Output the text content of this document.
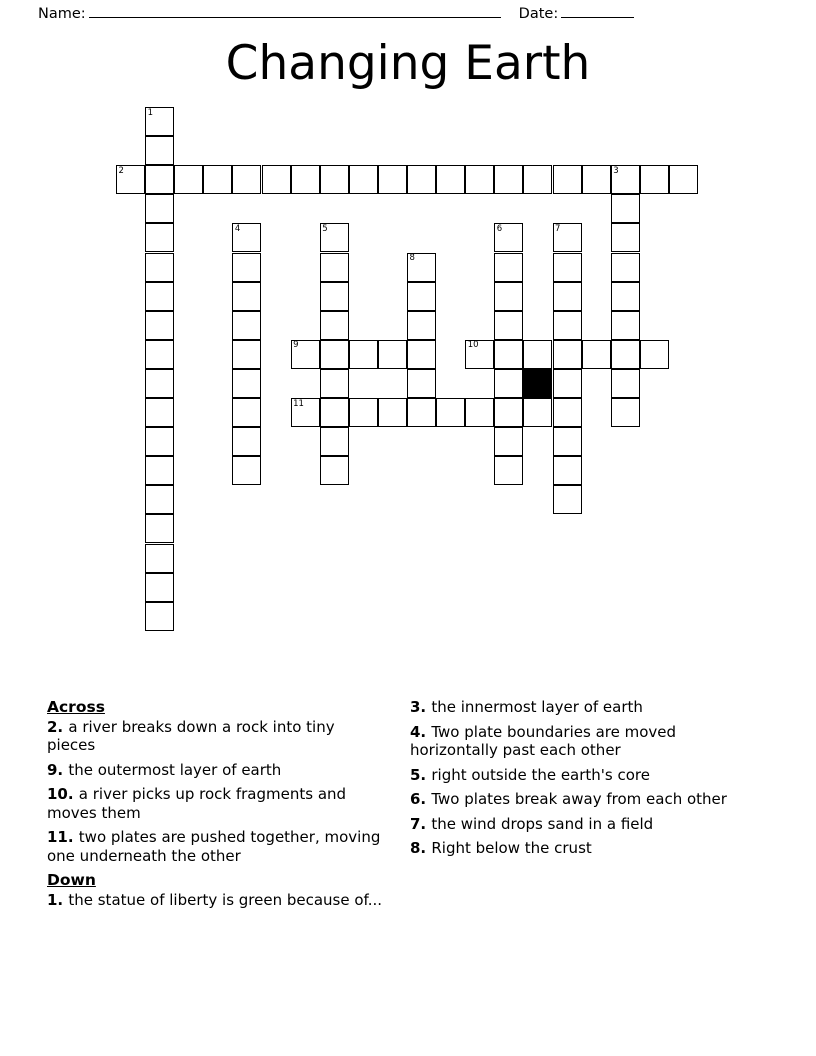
Name:	Date:
Changing Earth
1
2	3
4	5	6	7
8
9	10
11
Across
2. a river breaks down a rock into tiny pieces
9. the outermost layer of earth
10. a river picks up rock fragments and moves them
11. two plates are pushed together, moving one underneath the other
Down
1. the statue of liberty is green because of...
3. the innermost layer of earth
4. Two plate boundaries are moved horizontally past each other
5. right outside the earth's core
6. Two plates break away from each other
7. the wind drops sand in a field
8. Right below the crust
